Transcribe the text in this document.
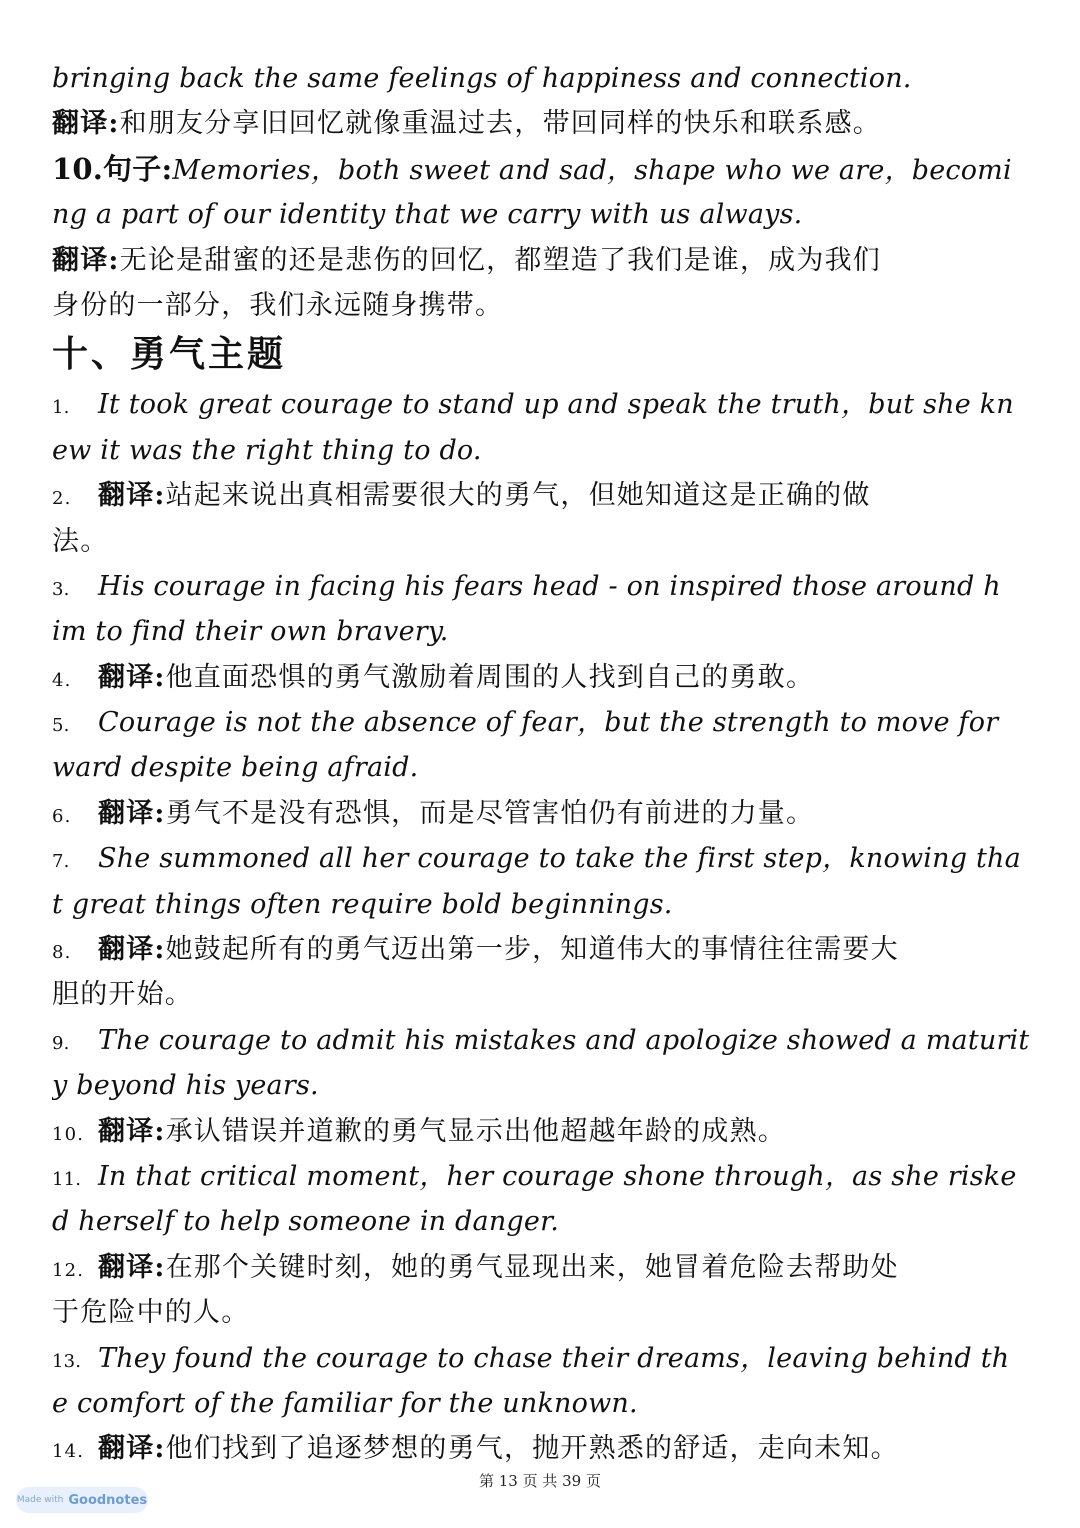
bringing back the same feelings of happiness and connection.
翻译:和朋友分享旧回忆就像重温过去，带回同样的快乐和联系感。
10.句子:Memories，both sweet and sad，shape who we are，becomi
ng a part of our identity that we carry with us always.
翻译:无论是甜蜜的还是悲伤的回忆，都塑造了我们是谁，成为我们
身份的一部分，我们永远随身携带。
十、勇气主题
1. It took great courage to stand up and speak the truth，but she kn
ew it was the right thing to do.
2. 翻译:站起来说出真相需要很大的勇气，但她知道这是正确的做
法。
3. His courage in facing his fears head - on inspired those around h
im to find their own bravery.
4. 翻译:他直面恐惧的勇气激励着周围的人找到自己的勇敢。
5. Courage is not the absence of fear，but the strength to move for
ward despite being afraid.
6. 翻译:勇气不是没有恐惧，而是尽管害怕仍有前进的力量。
7. She summoned all her courage to take the first step，knowing tha
t great things often require bold beginnings.
8. 翻译:她鼓起所有的勇气迈出第一步，知道伟大的事情往往需要大
胆的开始。
9. The courage to admit his mistakes and apologize showed a maturit
y beyond his years.
10. 翻译:承认错误并道歉的勇气显示出他超越年龄的成熟。
11. In that critical moment，her courage shone through，as she riske
d herself to help someone in danger.
12. 翻译:在那个关键时刻，她的勇气显现出来，她冒着危险去帮助处
于危险中的人。
13. They found the courage to chase their dreams，leaving behind th
e comfort of the familiar for the unknown.
14. 翻译:他们找到了追逐梦想的勇气，抛开熟悉的舒适，走向未知。
第 13 页 共 39 页
Made with Goodnotes
